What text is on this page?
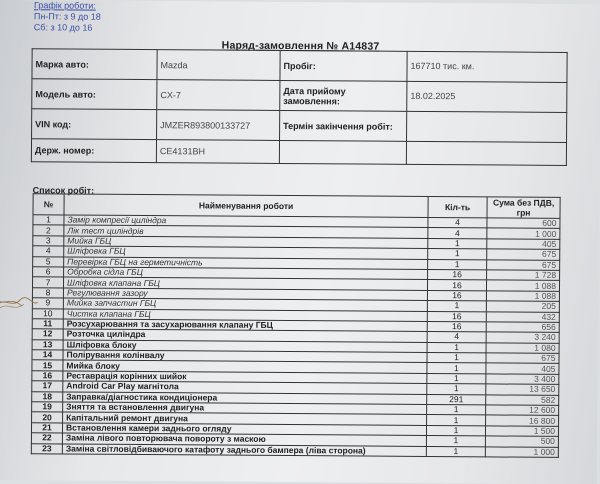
Графік роботи:
Пн-Пт: з 9 до 18
Сб: з 10 до 16
Наряд-замовлення № A14837
Марка авто:	Mazda	Пробіг:	167710 тис. км.
Модель авто:	CX-7	Дата прийому замовлення:	18.02.2025
VIN код:	JMZER893800133727	Термін закінчення робіт:	
Держ. номер:	CE4131BH		
Список робіт:
№	Найменування роботи	Кіл-ть	Сума без ПДВ, грн
1	Замір компресії циліндра	4	600
2	Лік тест циліндрів	4	1 000
3	Мийка ГБЦ	1	405
4	Шліфовка ГБЦ	1	675
5	Перевірка ГБЦ на герметичність	1	675
6	Обробка сідла ГБЦ	16	1 728
7	Шліфовка клапана ГБЦ	16	1 088
8	Регулювання зазору	16	1 088
9	Мийка запчастин ГБЦ	1	205
10	Чистка клапана ГБЦ	16	432
11	Розсухарювання та засухарювання клапану ГБЦ	16	656
12	Розточка циліндра	4	3 240
13	Шліфовка блоку	1	1 080
14	Полірування колінвалу	1	675
15	Мийка блоку	1	405
16	Реставрація корінних шийок	1	3 400
17	Android Car Play магнітола	1	13 650
18	Заправка/діагностика кондиціонера	291	582
19	Зняття та встановлення двигуна	1	12 600
20	Капітальний ремонт двигуна	1	16 800
21	Встановлення камери заднього огляду	1	1 500
22	Заміна лівого повторювача повороту з маскою	1	500
23	Заміна світловідбиваючого катафоту заднього бампера (ліва сторона)	1	1 000
